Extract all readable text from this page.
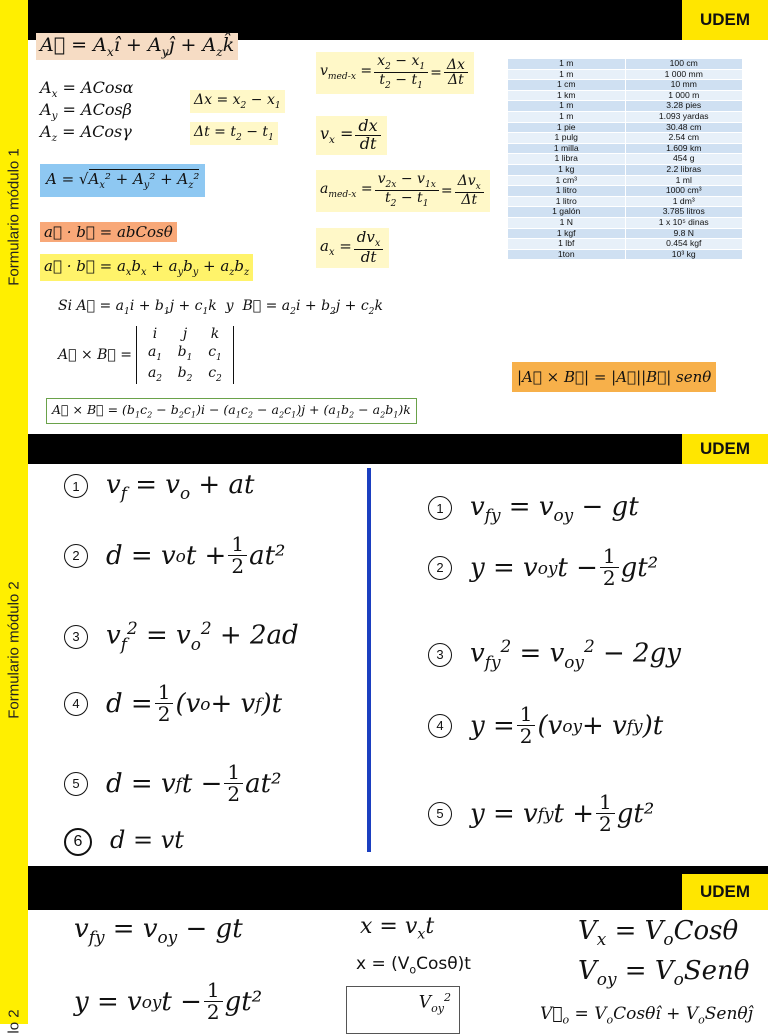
Formulario módulo 1
UDEM
A⃗ = $A_xî$ + $A_yĵ$ + $A_zk̂$
$A_x$ = ACosα
$A_y$ = ACosβ
$A_z$ = ACosγ
$\Delta x = x_2 - x_1$
$\Delta t = t_2 - t_1$
$A = √A_x^2 + A_y^2 + A_z^2$
a⃗ · b⃗ = abCosθ
a⃗ · b⃗ = $a_xb_x + a_yb_y + a_zb_z$
Si A⃗ = $a_1i + b_1j + c_1k$  y  B⃗ = $a_2i + b_2j + c_2k$
A⃗ × B⃗ =
i	j	k
$a_1$	$b_1$	$c_1$
$a_2$	$b_2$	$c_2$
A⃗ × B⃗ = $(b_1c_2 - b_2c_1)i - (a_1c_2 - a_2c_1)j + (a_1b_2 - a_2b_1)k$
$v_{med-x} = \frac{x_2 - x_1}{t_2 - t_1} = \frac{\Delta x}{\Delta t}$
$v_x = \frac{dx}{dt}$
$a_{med-x} = \frac{v_{2x} - v_{1x}}{t_2 - t_1} = \frac{\Delta v_x}{\Delta t}$
$a_x = \frac{dv_x}{dt}$
1 m	100 cm
1 m	1 000 mm
1 cm	10 mm
1 km	1 000 m
1 m	3.28 pies
1 m	1.093 yardas
1 pie	30.48 cm
1 pulg	2.54 cm
1 milla	1.609 km
1 libra	454 g
1 kg	2.2 libras
1 cm³	1 ml
1 litro	1000 cm³
1 litro	1 dm³
1 galón	3.785 litros
1 N	1 x 10⁵ dinas
1 kgf	9.8 N
1 lbf	0.454 kgf
1ton	10³ kg
|A⃗ × B⃗| = |A⃗||B⃗| senθ
Formulario módulo 2
UDEM
1 $v_f = v_o$ + at
2	d = v o $t + \frac{1}{2} at^2$
3 $v_f^2 = v_o^2 + 2ad$
4	$d = \frac{1}{2} (v$ o + v f )t
5	d = v f $t - \frac{1}{2} at^2$
6 d = vt
1 $v_{fy} = v_{oy}$ − gt
2	y = v oy $t - \frac{1}{2} gt^2$
3 $v_{fy}^2 = v_{oy}^2 - 2gy$
4	$y = \frac{1}{2} (v$ oy + v fy )t
5	y = v fy $t + \frac{1}{2} gt^2$
lo 2
UDEM
$v_{fy} = v_{oy}$ − gt
y = v oy $t - \frac{1}{2} gt^2$
$x = v_xt$
$x = (V_oCos\theta)t$
$V_{oy}^2$
$V_x = V_oCos\theta$
$V_{oy} = V_oSen\theta$
$V⃗_o$ = $V_oCos\theta î$ + $V_oSen\theta ĵ$
